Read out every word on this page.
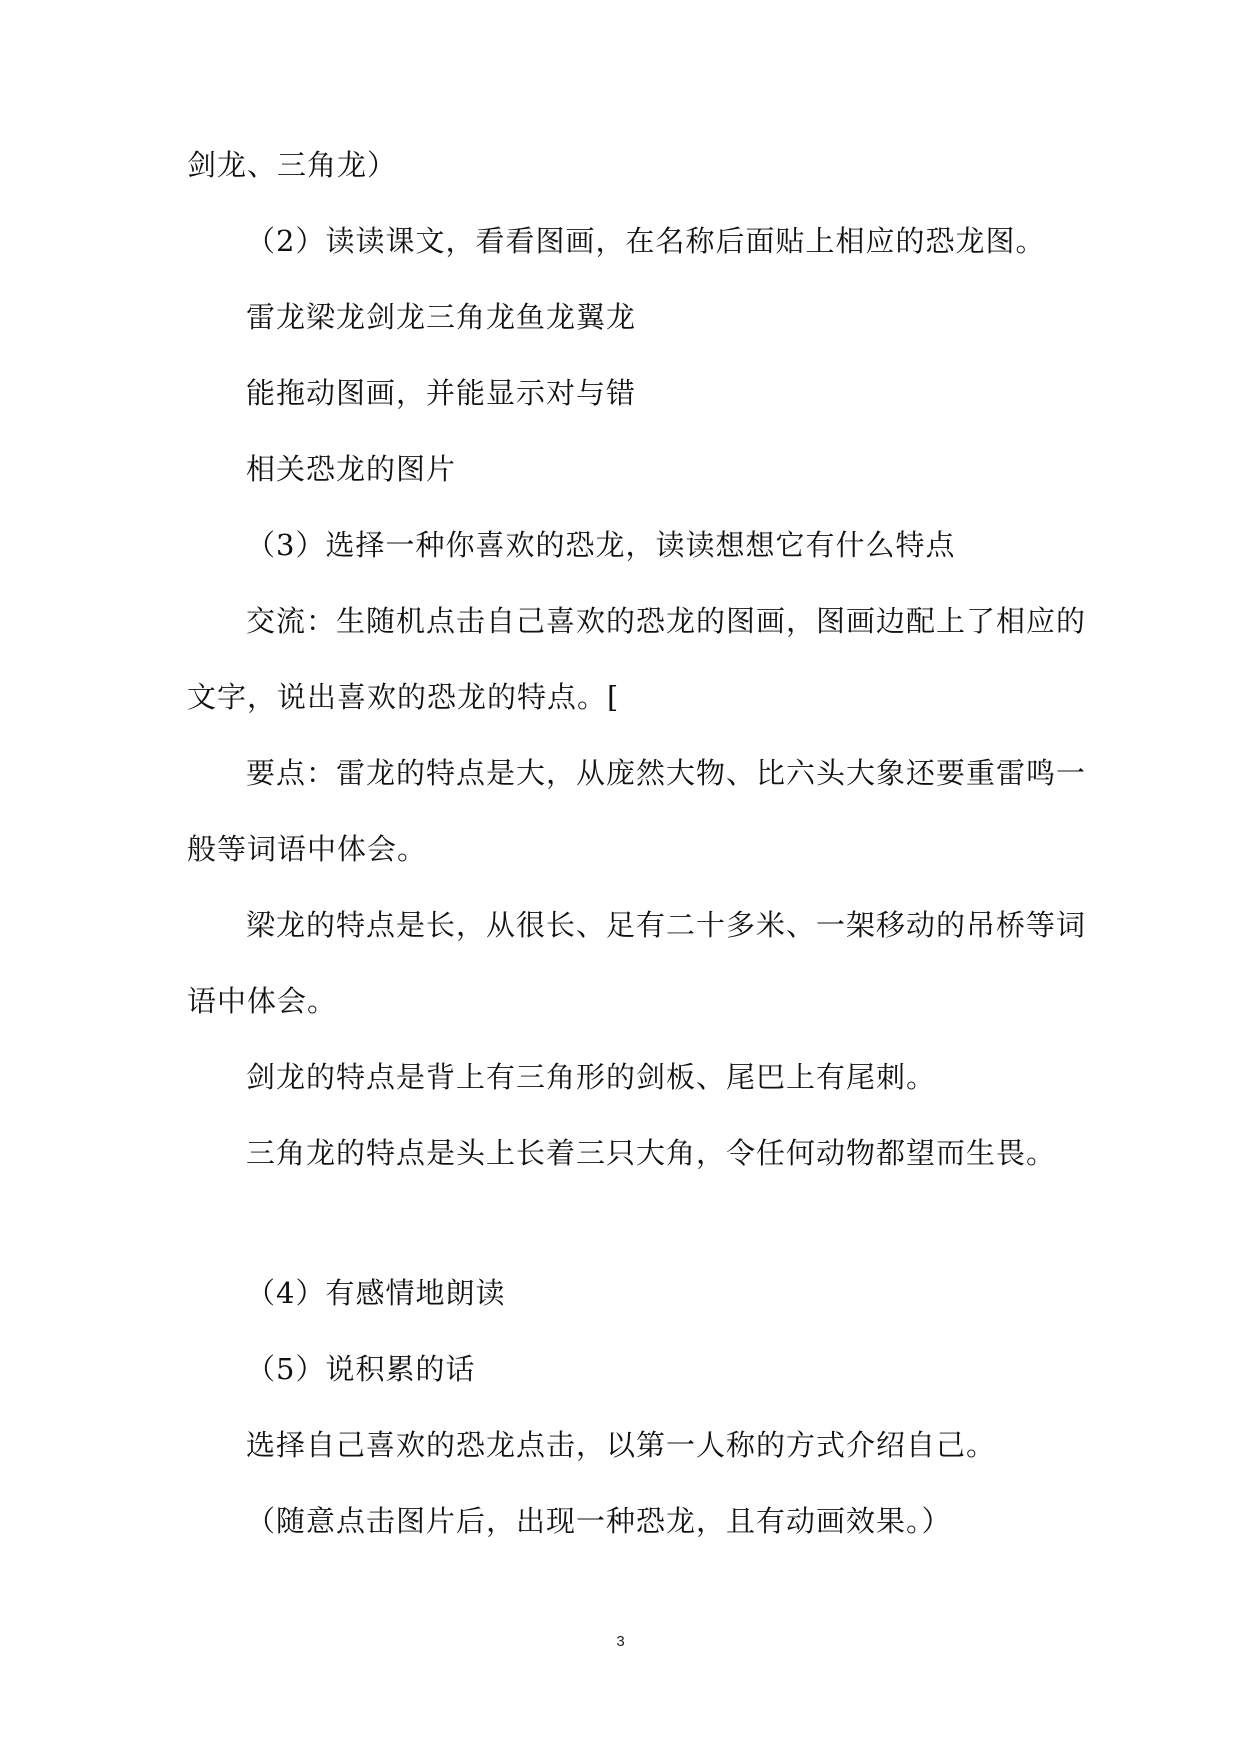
剑龙、三角龙）
（2）读读课文，看看图画，在名称后面贴上相应的恐龙图。
雷龙梁龙剑龙三角龙鱼龙翼龙
能拖动图画，并能显示对与错
相关恐龙的图片
（3）选择一种你喜欢的恐龙，读读想想它有什么特点
交流：生随机点击自己喜欢的恐龙的图画，图画边配上了相应的
文字，说出喜欢的恐龙的特点。[
要点：雷龙的特点是大，从庞然大物、比六头大象还要重雷鸣一
般等词语中体会。
梁龙的特点是长，从很长、足有二十多米、一架移动的吊桥等词
语中体会。
剑龙的特点是背上有三角形的剑板、尾巴上有尾刺。
三角龙的特点是头上长着三只大角，令任何动物都望而生畏。
（4）有感情地朗读
（5）说积累的话
选择自己喜欢的恐龙点击，以第一人称的方式介绍自己。
（随意点击图片后，出现一种恐龙，且有动画效果。）
3
